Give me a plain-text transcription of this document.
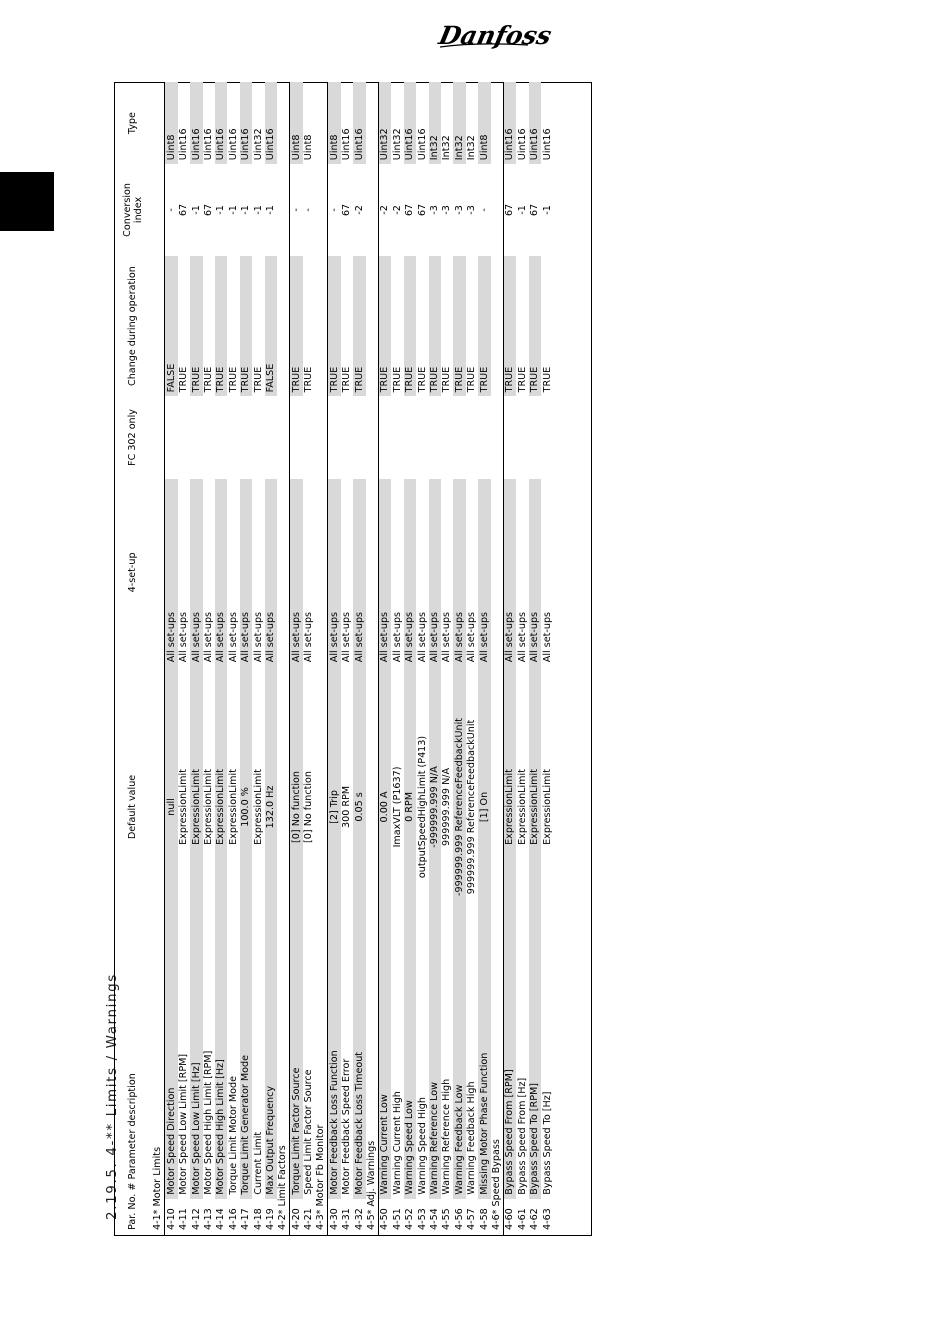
Danfoss
2.19.5. 4-** Limits / Warnings Par. No. # Parameter description		Default value	4-set-up	FC 302 only	Change during operation	Conversion index	Type
4-1* Motor Limits							
4-10	Motor Speed Direction	null	All set-ups		FALSE	-	Uint8
4-11	Motor Speed Low Limit [RPM]	ExpressionLimit	All set-ups		TRUE	67	Uint16
4-12	Motor Speed Low Limit [Hz]	ExpressionLimit	All set-ups		TRUE	-1	Uint16
4-13	Motor Speed High Limit [RPM]	ExpressionLimit	All set-ups		TRUE	67	Uint16
4-14	Motor Speed High Limit [Hz]	ExpressionLimit	All set-ups		TRUE	-1	Uint16
4-16	Torque Limit Motor Mode	ExpressionLimit	All set-ups		TRUE	-1	Uint16
4-17	Torque Limit Generator Mode	100.0 %	All set-ups		TRUE	-1	Uint16
4-18	Current Limit	ExpressionLimit	All set-ups		TRUE	-1	Uint32
4-19	Max Output Frequency	132.0 Hz	All set-ups		FALSE	-1	Uint16
4-2* Limit Factors							
4-20	Torque Limit Factor Source	[0] No function	All set-ups		TRUE	-	Uint8
4-21	Speed Limit Factor Source	[0] No function	All set-ups		TRUE	-	Uint8
4-3* Motor Fb Monitor							
4-30	Motor Feedback Loss Function	[2] Trip	All set-ups		TRUE	-	Uint8
4-31	Motor Feedback Speed Error	300 RPM	All set-ups		TRUE	67	Uint16
4-32	Motor Feedback Loss Timeout	0.05 s	All set-ups		TRUE	-2	Uint16
4-5* Adj. Warnings							
4-50	Warning Current Low	0.00 A	All set-ups		TRUE	-2	Uint32
4-51	Warning Current High	ImaxVLT (P1637)	All set-ups		TRUE	-2	Uint32
4-52	Warning Speed Low	0 RPM	All set-ups		TRUE	67	Uint16
4-53	Warning Speed High	outputSpeedHighLimit (P413)	All set-ups		TRUE	67	Uint16
4-54	Warning Reference Low	-999999.999 N/A	All set-ups		TRUE	-3	Int32
4-55	Warning Reference High	999999.999 N/A	All set-ups		TRUE	-3	Int32
4-56	Warning Feedback Low	-999999.999 ReferenceFeedbackUnit	All set-ups		TRUE	-3	Int32
4-57	Warning Feedback High	999999.999 ReferenceFeedbackUnit	All set-ups		TRUE	-3	Int32
4-58	Missing Motor Phase Function	[1] On	All set-ups		TRUE	-	Uint8
4-6* Speed Bypass							
4-60	Bypass Speed From [RPM]	ExpressionLimit	All set-ups		TRUE	67	Uint16
4-61	Bypass Speed From [Hz]	ExpressionLimit	All set-ups		TRUE	-1	Uint16
4-62	Bypass Speed To [RPM]	ExpressionLimit	All set-ups		TRUE	67	Uint16
4-63	Bypass Speed To [Hz]	ExpressionLimit	All set-ups		TRUE	-1	Uint16
